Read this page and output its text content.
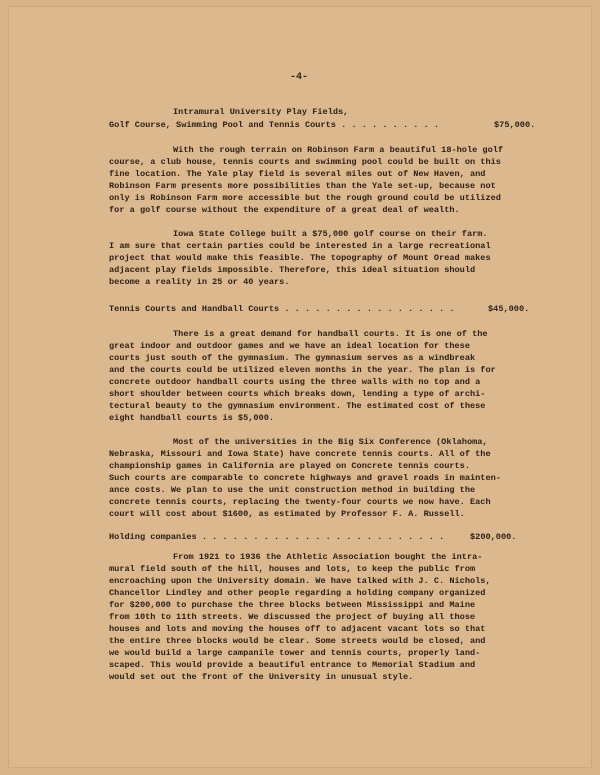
-4-
Intramural University Play Fields,
Golf Course, Swimming Pool and Tennis Courts . . . . . . . . . .	$75,000.
With the rough terrain on Robinson Farm a beautiful 18-hole golf
course, a club house, tennis courts and swimming pool could be built on this
fine location. The Yale play field is several miles out of New Haven, and
Robinson Farm presents more possibilities than the Yale set-up, because not
only is Robinson Farm more accessible but the rough ground could be utilized
for a golf course without the expenditure of a great deal of wealth.
Iowa State College built a $75,000 golf course on their farm.
I am sure that certain parties could be interested in a large recreational
project that would make this feasible. The topography of Mount Oread makes
adjacent play fields impossible. Therefore, this ideal situation should
become a reality in 25 or 40 years.
Tennis Courts and Handball Courts . . . . . . . . . . . . . . . . .	$45,000.
There is a great demand for handball courts. It is one of the
great indoor and outdoor games and we have an ideal location for these
courts just south of the gymnasium. The gymnasium serves as a windbreak
and the courts could be utilized eleven months in the year. The plan is for
concrete outdoor handball courts using the three walls with no top and a
short shoulder between courts which breaks down, lending a type of archi-
tectural beauty to the gymnasium environment. The estimated cost of these
eight handball courts is $5,000.
Most of the universities in the Big Six Conference (Oklahoma,
Nebraska, Missouri and Iowa State) have concrete tennis courts. All of the
championship games in California are played on Concrete tennis courts.
Such courts are comparable to concrete highways and gravel roads in mainten-
ance costs. We plan to use the unit construction method in building the
concrete tennis courts, replacing the twenty-four courts we now have. Each
court will cost about $1600, as estimated by Professor F. A. Russell.
Holding companies . . . . . . . . . . . . . . . . . . . . . . . .	$200,000.
From 1921 to 1936 the Athletic Association bought the intra-
mural field south of the hill, houses and lots, to keep the public from
encroaching upon the University domain. We have talked with J. C. Nichols,
Chancellor Lindley and other people regarding a holding company organized
for $200,000 to purchase the three blocks between Mississippi and Maine
from 10th to 11th streets. We discussed the project of buying all those
houses and lots and moving the houses off to adjacent vacant lots so that
the entire three blocks would be clear. Some streets would be closed, and
we would build a large campanile tower and tennis courts, properly land-
scaped. This would provide a beautiful entrance to Memorial Stadium and
would set out the front of the University in unusual style.
